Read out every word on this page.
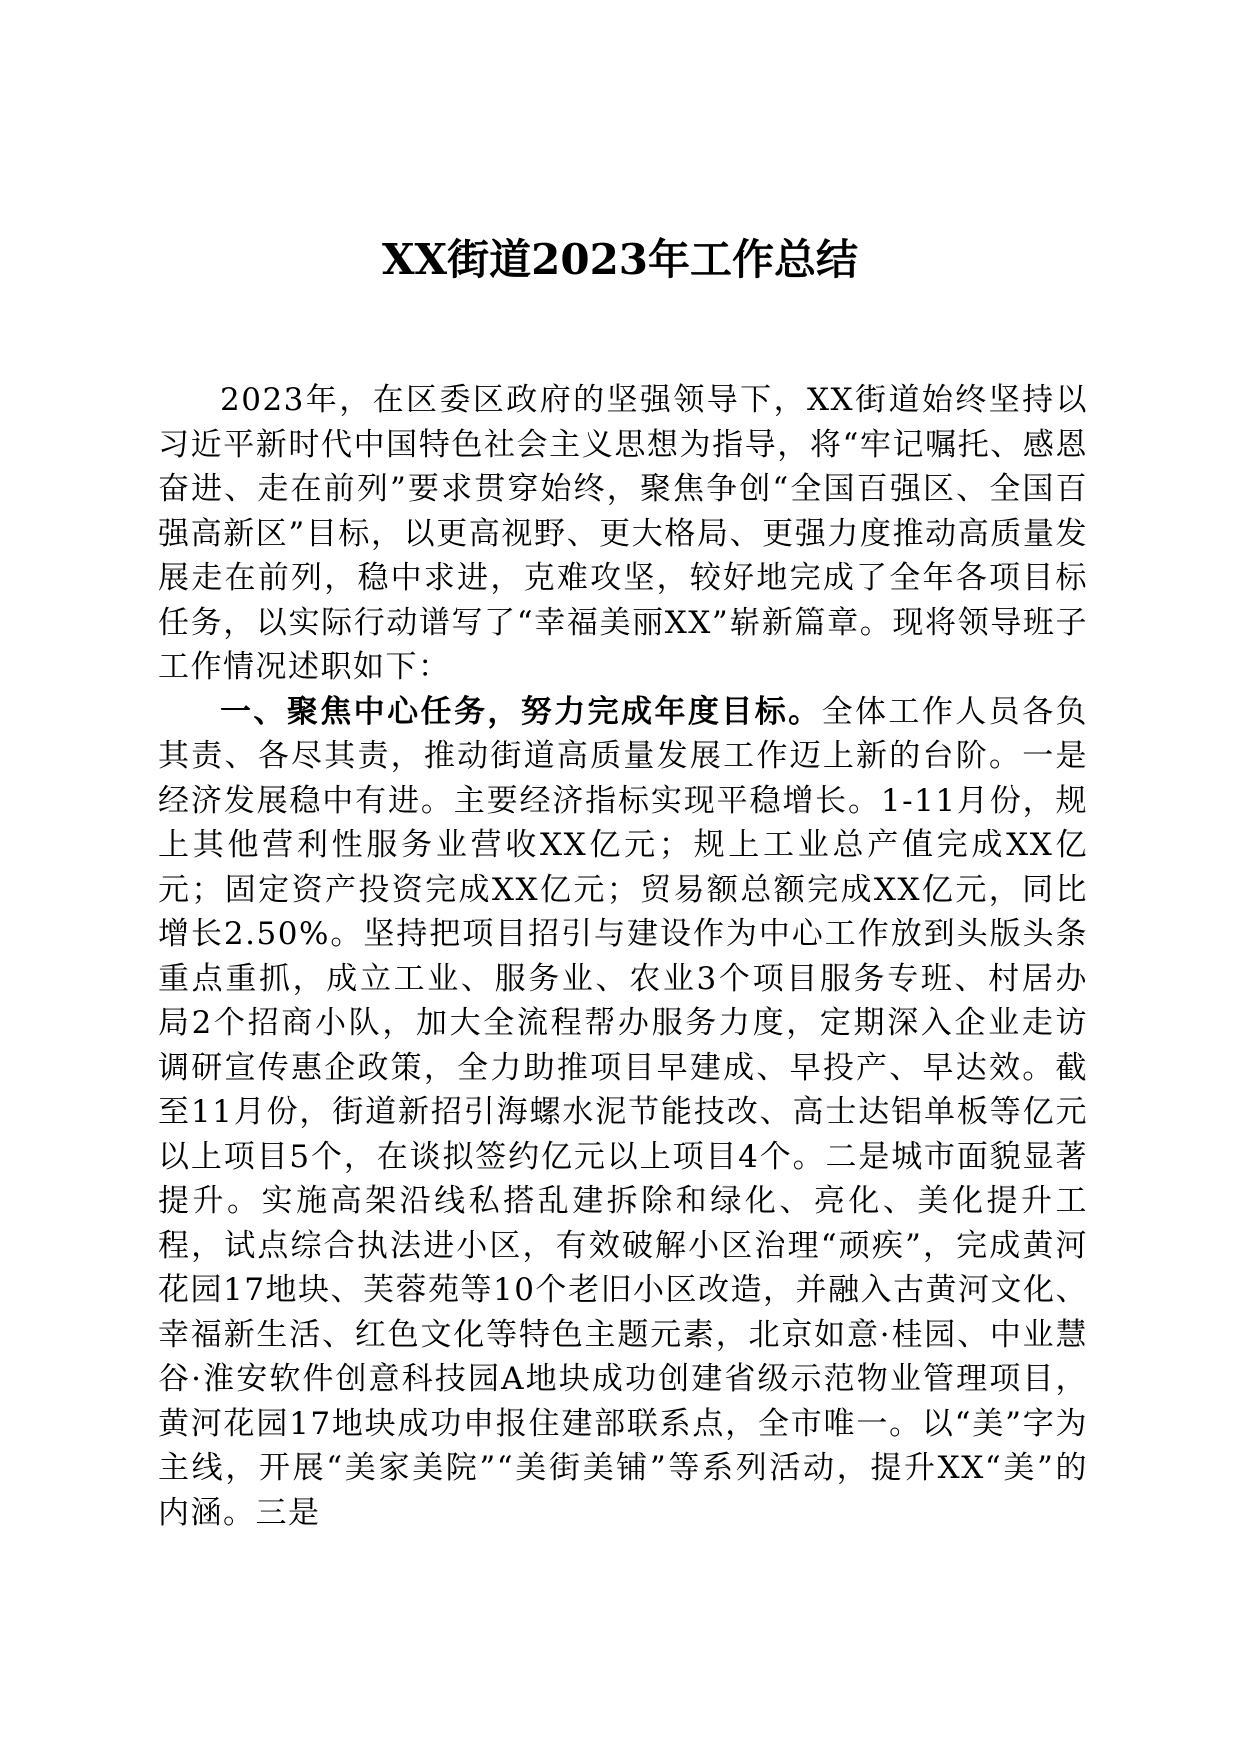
XX街道2023年工作总结

2023年，在区委区政府的坚强领导下，XX街道始终坚持以习近平新时代中国特色社会主义思想为指导，将“牢记嘱托、感恩奋进、走在前列”要求贯穿始终，聚焦争创“全国百强区、全国百强高新区”目标，以更高视野、更大格局、更强力度推动高质量发展走在前列，稳中求进，克难攻坚，较好地完成了全年各项目标任务，以实际行动谱写了“幸福美丽XX”崭新篇章。现将领导班子工作情况述职如下：

一、聚焦中心任务，努力完成年度目标。全体工作人员各负其责、各尽其责，推动街道高质量发展工作迈上新的台阶。一是经济发展稳中有进。主要经济指标实现平稳增长。1-11月份，规上其他营利性服务业营收XX亿元；规上工业总产值完成XX亿元；固定资产投资完成XX亿元；贸易额总额完成XX亿元，同比增长2.50%。坚持把项目招引与建设作为中心工作放到头版头条重点重抓，成立工业、服务业、农业3个项目服务专班、村居办局2个招商小队，加大全流程帮办服务力度，定期深入企业走访调研宣传惠企政策，全力助推项目早建成、早投产、早达效。截至11月份，街道新招引海螺水泥节能技改、高士达铝单板等亿元以上项目5个，在谈拟签约亿元以上项目4个。二是城市面貌显著提升。实施高架沿线私搭乱建拆除和绿化、亮化、美化提升工程，试点综合执法进小区，有效破解小区治理“顽疾”，完成黄河花园17地块、芙蓉苑等10个老旧小区改造，并融入古黄河文化、幸福新生活、红色文化等特色主题元素，北京如意·桂园、中业慧谷·淮安软件创意科技园A地块成功创建省级示范物业管理项目，黄河花园17地块成功申报住建部联系点，全市唯一。以“美”字为主线，开展“美家美院”“美街美铺”等系列活动，提升XX“美”的内涵。三是
